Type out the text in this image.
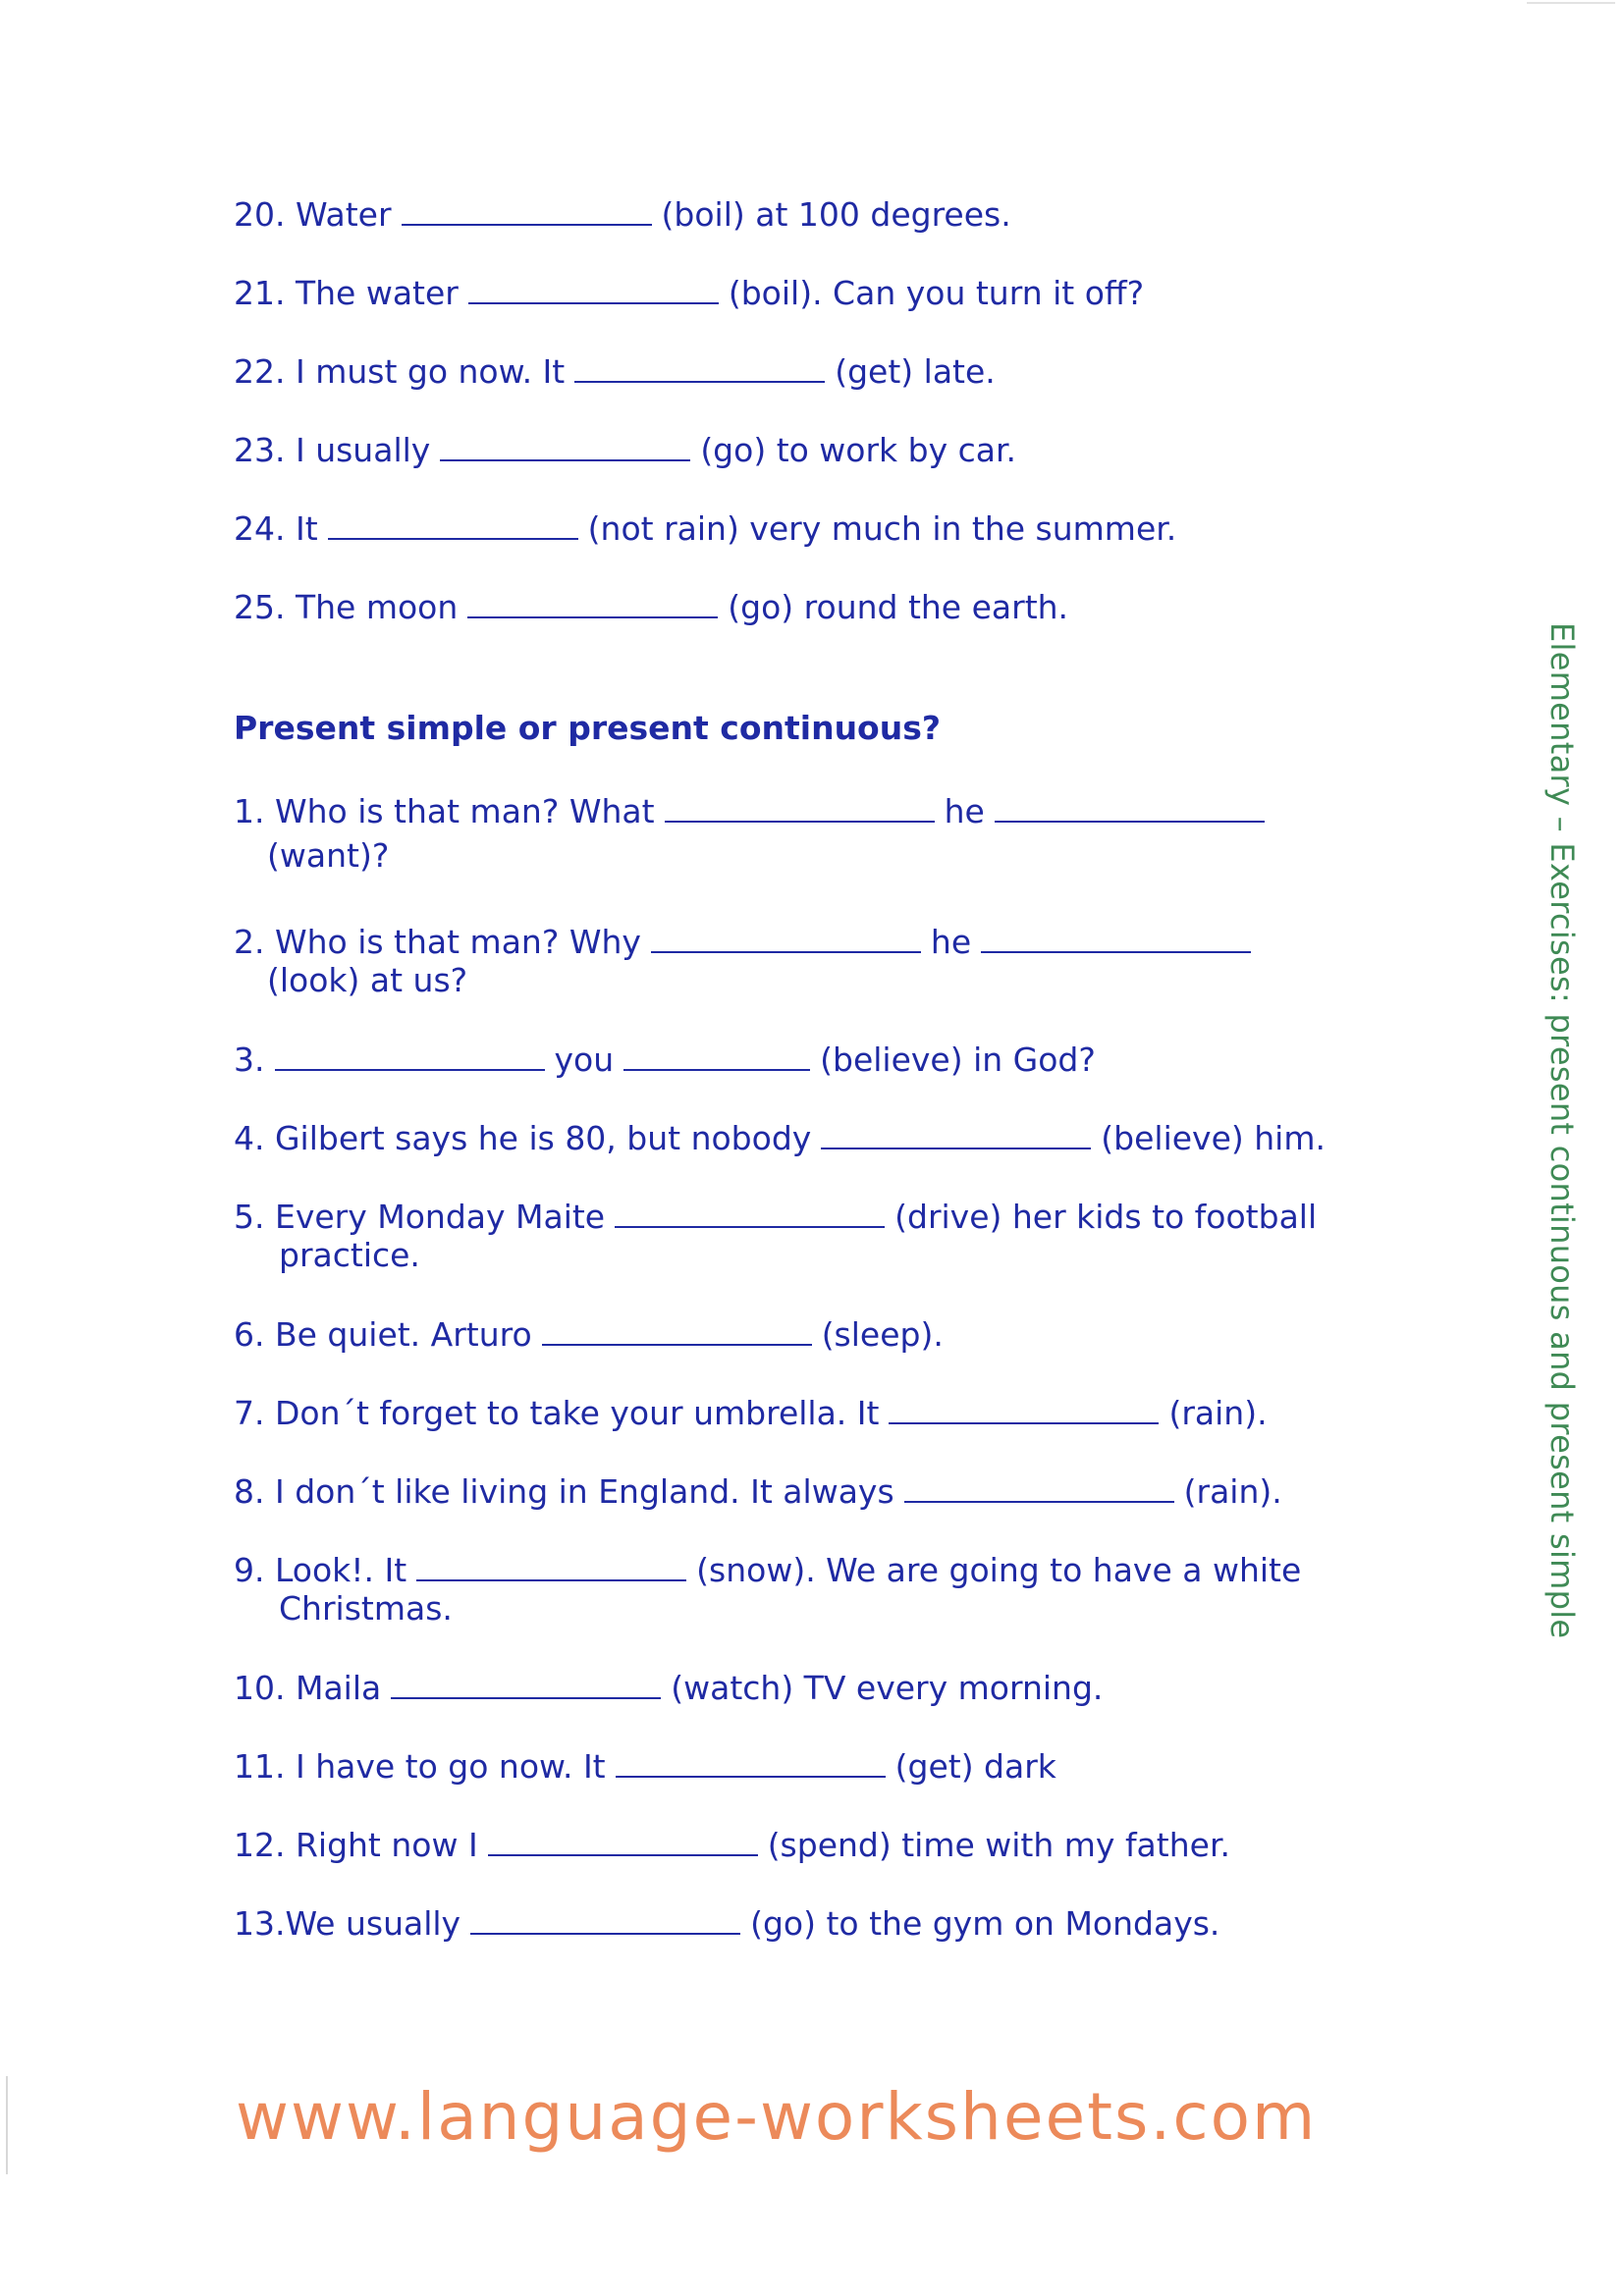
20. Water	(boil) at 100 degrees.
21. The water	(boil). Can you turn it off?
22. I must go now. It	(get) late.
23. I usually	(go) to work by car.
24. It	(not rain) very much in the summer.
25. The moon	(go) round the earth.
Present simple or present continuous?
1. Who is that man? What	he
(want)?
2. Who is that man? Why	he
(look) at us?
3.	you	(believe) in God?
4. Gilbert says he is 80, but nobody	(believe) him.
5. Every Monday Maite	(drive) her kids to football
practice.
6. Be quiet. Arturo	(sleep).
7. Don´t forget to take your umbrella. It	(rain).
8. I don´t like living in England. It always	(rain).
9. Look!. It	(snow). We are going to have a white
Christmas.
10. Maila	(watch) TV every morning.
11. I have to go now. It	(get) dark
12. Right now I	(spend) time with my father.
13.We usually	(go) to the gym on Mondays.
Elementary – Exercises: present continuous and present simple
www.language-worksheets.com
